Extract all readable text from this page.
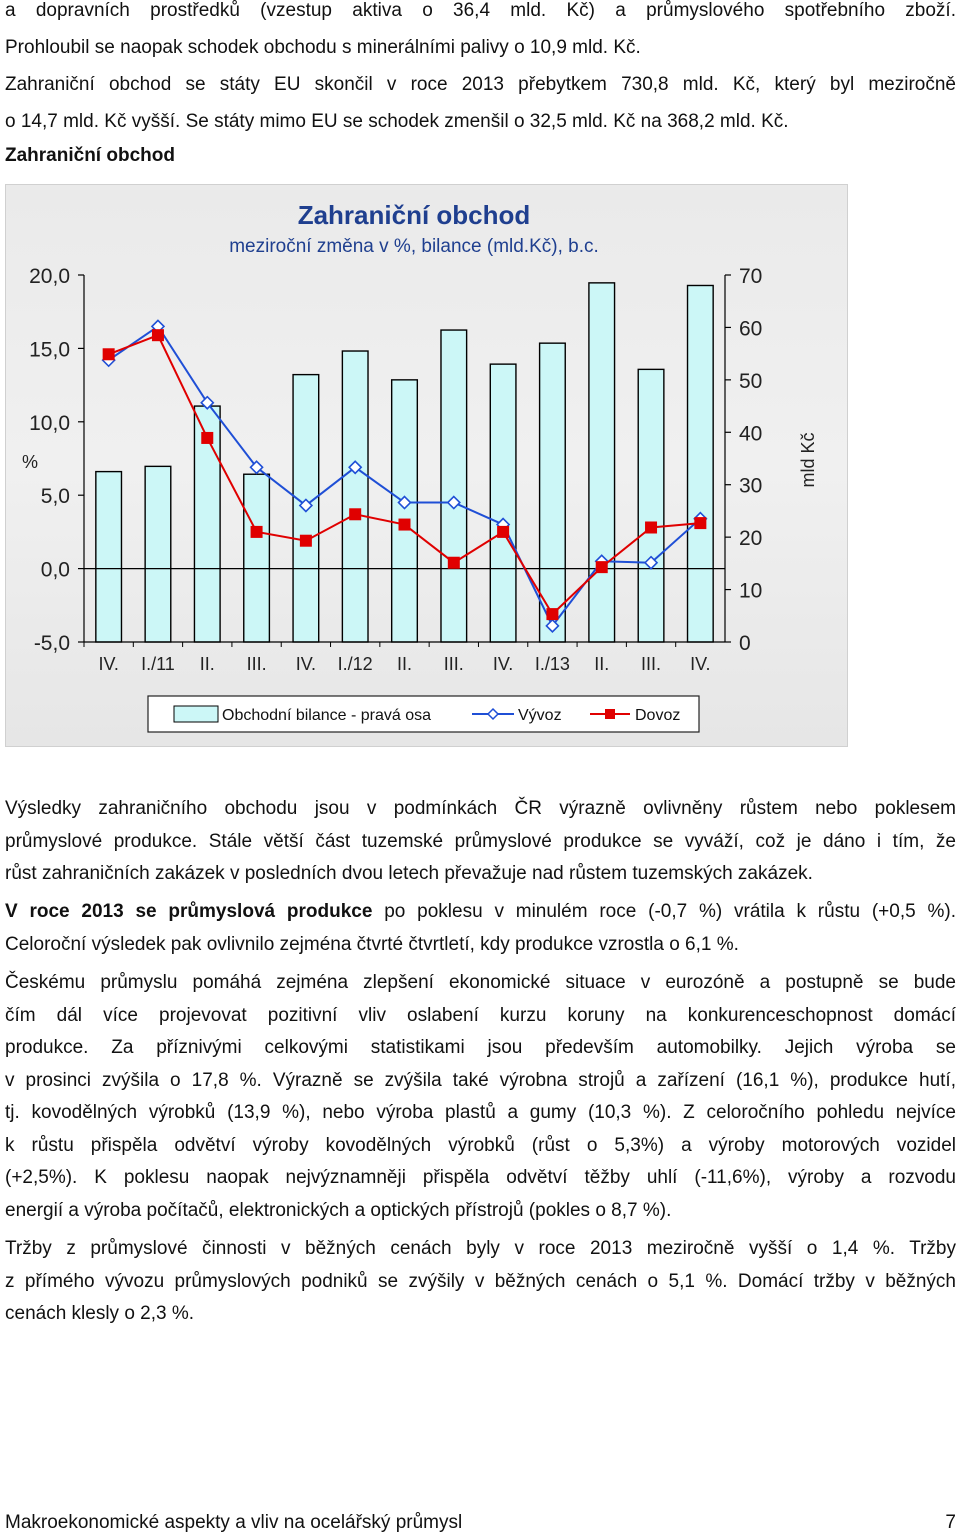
a dopravních prostředků (vzestup aktiva o 36,4 mld. Kč) a průmyslového spotřebního zboží.
Prohloubil se naopak schodek obchodu s minerálními palivy o 10,9 mld. Kč.
Zahraniční obchod se státy EU skončil v roce 2013 přebytkem 730,8 mld. Kč, který byl meziročně
o 14,7 mld. Kč vyšší. Se státy mimo EU se schodek zmenšil o 32,5 mld. Kč na 368,2 mld. Kč.
Zahraniční obchod
Zahraniční obchod
meziroční změna v %, bilance (mld.Kč), b.c.
20,0
15,0
10,0
5,0
0,0
-5,0
70
60
50
40
30
20
10
0
%	mld Kč
IV. I./11 II. III. IV. I./12 II. III. IV. I./13 II. III. IV.
Obchodní bilance - pravá osa	Vývoz	Dovoz
Výsledky zahraničního obchodu jsou v podmínkách ČR výrazně ovlivněny růstem nebo poklesem
průmyslové produkce. Stále větší část tuzemské průmyslové produkce se vyváží, což je dáno i tím, že
růst zahraničních zakázek v posledních dvou letech převažuje nad růstem tuzemských zakázek.
V roce 2013 se průmyslová produkce po poklesu v minulém roce (-0,7 %) vrátila k růstu (+0,5 %).
Celoroční výsledek pak ovlivnilo zejména čtvrté čtvrtletí, kdy produkce vzrostla o 6,1 %.
Českému průmyslu pomáhá zejména zlepšení ekonomické situace v eurozóně a postupně se bude
čím dál více projevovat pozitivní vliv oslabení kurzu koruny na konkurenceschopnost domácí
produkce. Za příznivými celkovými statistikami jsou především automobilky. Jejich výroba se
v prosinci zvýšila o 17,8 %. Výrazně se zvýšila také výrobna strojů a zařízení (16,1 %), produkce hutí,
tj. kovodělných výrobků (13,9 %), nebo výroba plastů a gumy (10,3 %). Z celoročního pohledu nejvíce
k růstu přispěla odvětví výroby kovodělných výrobků (růst o 5,3%) a výroby motorových vozidel
(+2,5%). K poklesu naopak nejvýznamněji přispěla odvětví těžby uhlí (-11,6%), výroby a rozvodu
energií a výroba počítačů, elektronických a optických přístrojů (pokles o 8,7 %).
Tržby z průmyslové činnosti v běžných cenách byly v roce 2013 meziročně vyšší o 1,4 %. Tržby
z přímého vývozu průmyslových podniků se zvýšily v běžných cenách o 5,1 %. Domácí tržby v běžných
cenách klesly o 2,3 %.
Makroekonomické aspekty a vliv na ocelářský průmysl	7
